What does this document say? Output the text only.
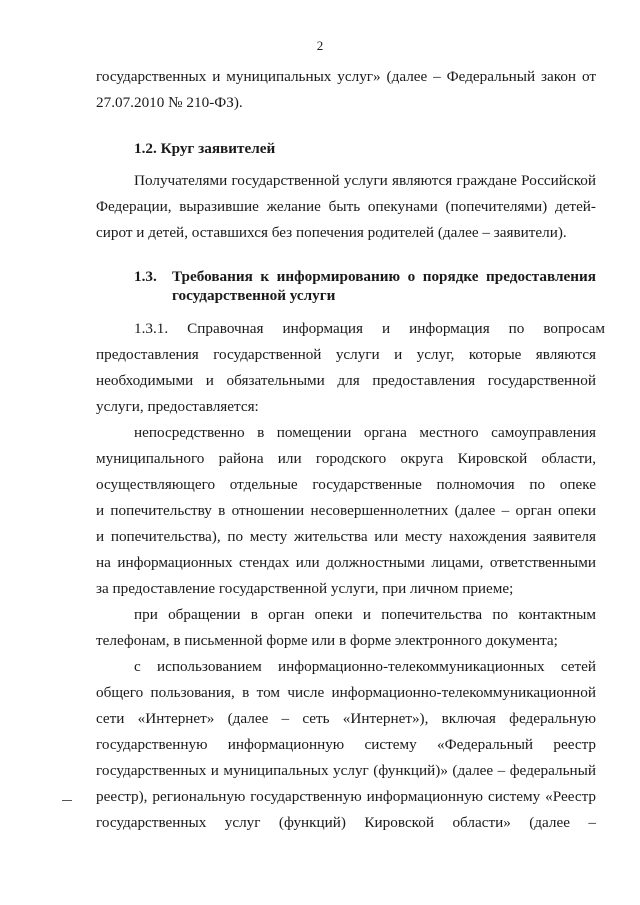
2
государственных и муниципальных услуг» (далее – Федеральный закон от
27.07.2010 № 210-ФЗ).
1.2. Круг заявителей
Получателями государственной услуги являются граждане Российской
Федерации, выразившие желание быть опекунами (попечителями) детей-
сирот и детей, оставшихся без попечения родителей (далее – заявители).
1.3. Требования к информированию о порядке предоставления
государственной услуги
1.3.1.     Справочная     информация     и     информация     по     вопросам
предоставления государственной услуги и услуг, которые являются
необходимыми и обязательными для предоставления государственной
услуги, предоставляется:
непосредственно в помещении органа местного самоуправления
муниципального района или городского округа Кировской области,
осуществляющего отдельные государственные полномочия по опеке
и попечительству в отношении несовершеннолетних (далее – орган опеки
и попечительства), по месту жительства или месту нахождения заявителя
на информационных стендах или должностными лицами, ответственными
за предоставление государственной услуги, при личном приеме;
при обращении в орган опеки и попечительства по контактным
телефонам, в письменной форме или в форме электронного документа;
с использованием информационно-телекоммуникационных сетей
общего пользования, в том числе информационно-телекоммуникационной
сети «Интернет» (далее – сеть «Интернет»), включая федеральную
государственную информационную систему «Федеральный реестр
государственных и муниципальных услуг (функций)» (далее – федеральный
реестр), региональную государственную информационную систему «Реестр
государственных услуг (функций) Кировской области» (далее –
